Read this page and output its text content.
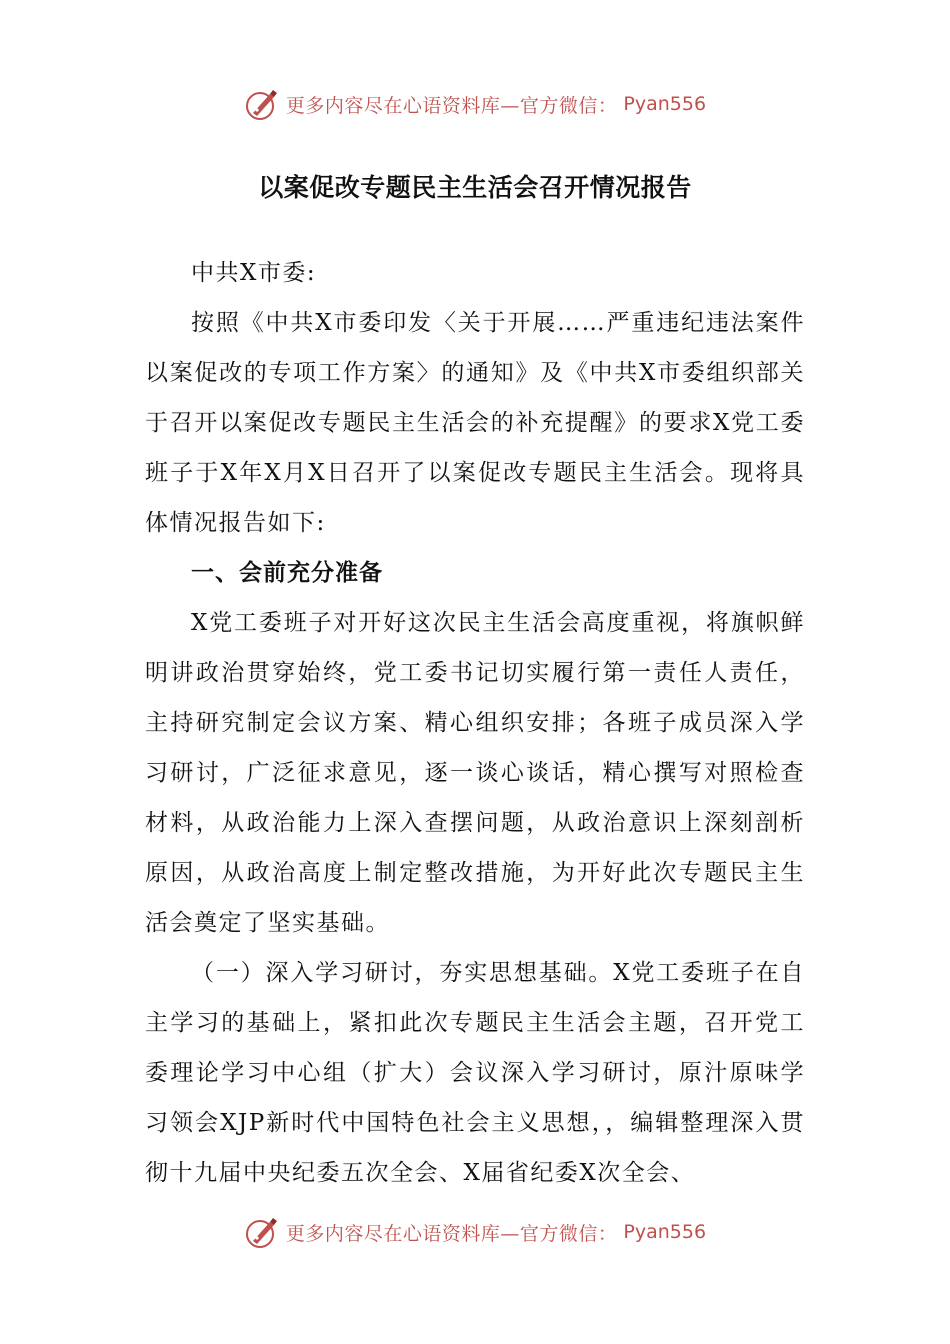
更多内容尽在心语资料库—官方微信： Pyan556
以案促改专题民主生活会召开情况报告

中共X市委:

按照《中共X市委印发〈关于开展……严重违纪违法案件以案促改的专项工作方案〉的通知》及《中共X市委组织部关于召开以案促改专题民主生活会的补充提醒》的要求X党工委班子于X年X月X日召开了以案促改专题民主生活会。现将具体情况报告如下:

一、会前充分准备

X党工委班子对开好这次民主生活会高度重视，将旗帜鲜明讲政治贯穿始终，党工委书记切实履行第一责任人责任，主持研究制定会议方案、精心组织安排；各班子成员深入学习研讨，广泛征求意见，逐一谈心谈话，精心撰写对照检查材料，从政治能力上深入查摆问题，从政治意识上深刻剖析原因，从政治高度上制定整改措施，为开好此次专题民主生活会奠定了坚实基础。

（一）深入学习研讨，夯实思想基础。X党工委班子在自主学习的基础上，紧扣此次专题民主生活会主题，召开党工委理论学习中心组（扩大）会议深入学习研讨，原汁原味学习领会XJP新时代中国特色社会主义思想，，编辑整理深入贯彻十九届中央纪委五次全会、X届省纪委X次全会、

更多内容尽在心语资料库—官方微信： Pyan556
